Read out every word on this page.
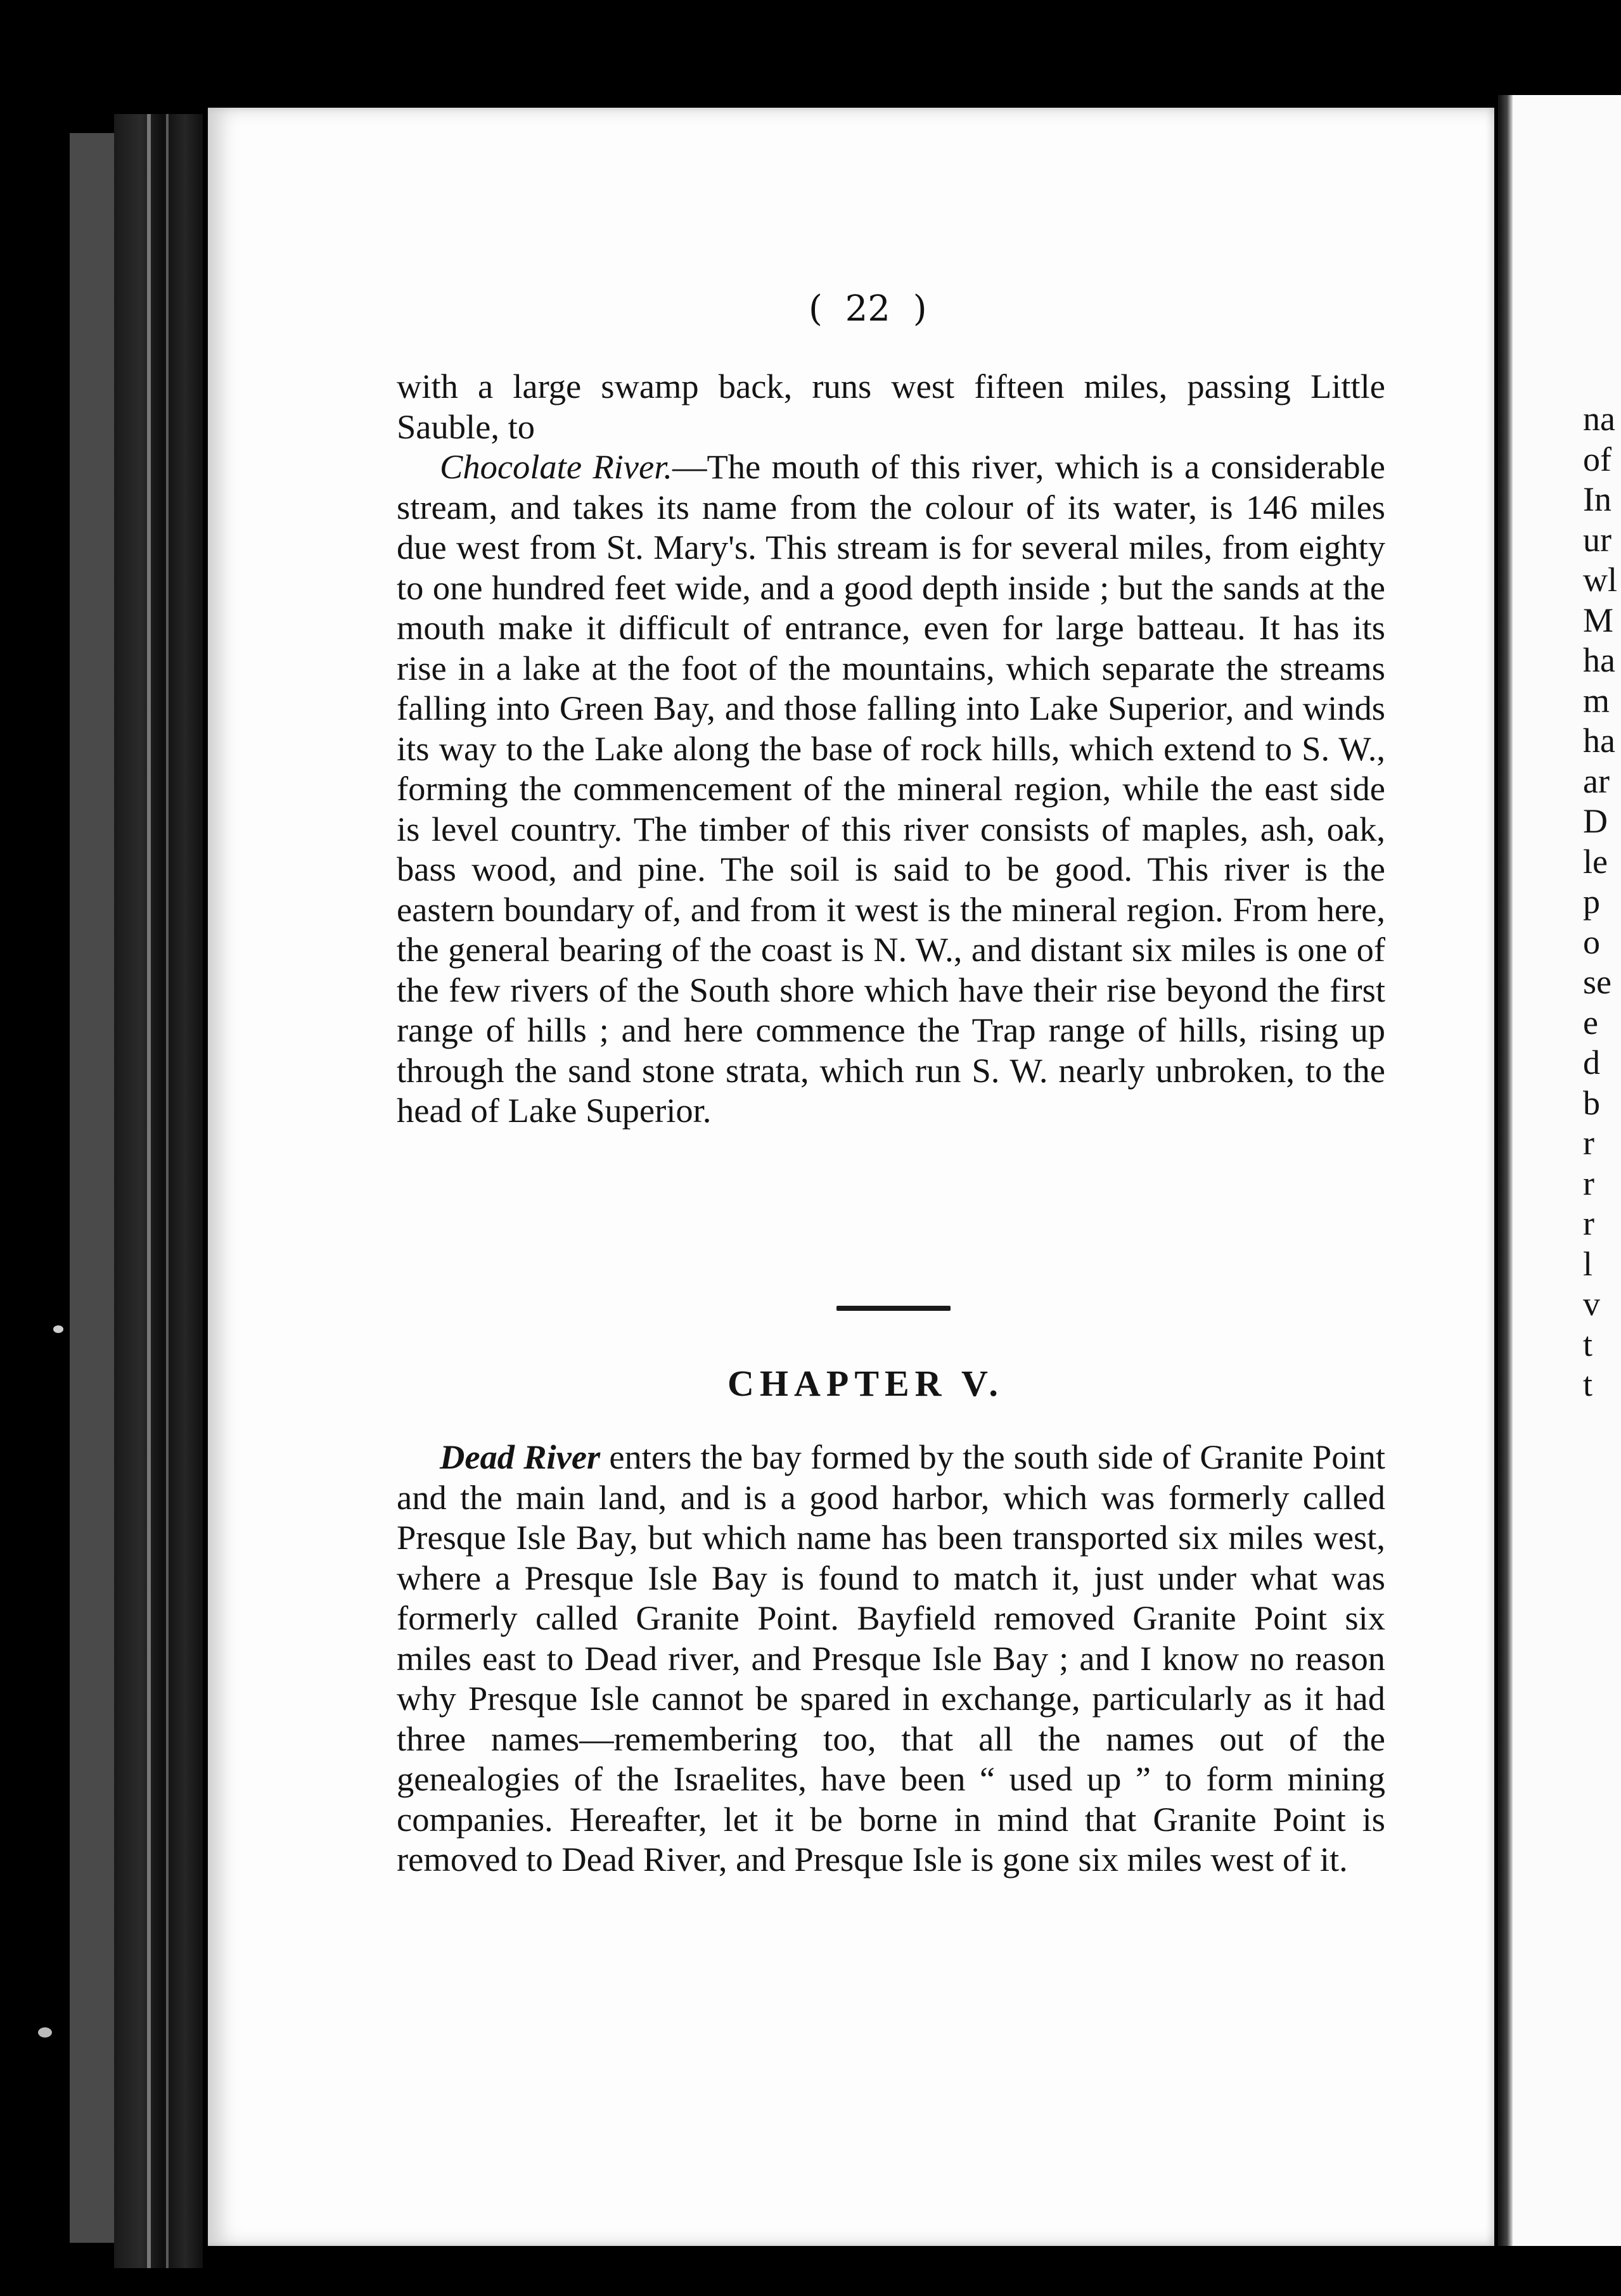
( 22 )

with a large swamp back, runs west fifteen miles, passing Little Sauble, to

Chocolate River.—The mouth of this river, which is a considerable stream, and takes its name from the colour of its water, is 146 miles due west from St. Mary's. This stream is for several miles, from eighty to one hundred feet wide, and a good depth inside ; but the sands at the mouth make it difficult of entrance, even for large batteau. It has its rise in a lake at the foot of the mountains, which separate the streams falling into Green Bay, and those falling into Lake Superior, and winds its way to the Lake along the base of rock hills, which extend to S. W., forming the commencement of the mineral region, while the east side is level country. The timber of this river consists of maples, ash, oak, bass wood, and pine. The soil is said to be good. This river is the eastern boundary of, and from it west is the mineral region. From here, the general bearing of the coast is N. W., and distant six miles is one of the few rivers of the South shore which have their rise beyond the first range of hills ; and here commence the Trap range of hills, rising up through the sand stone strata, which run S. W. nearly unbroken, to the head of Lake Superior.

CHAPTER V.

Dead River enters the bay formed by the south side of Granite Point and the main land, and is a good harbor, which was formerly called Presque Isle Bay, but which name has been transported six miles west, where a Presque Isle Bay is found to match it, just under what was formerly called Granite Point. Bayfield removed Granite Point six miles east to Dead river, and Presque Isle Bay ; and I know no reason why Presque Isle cannot be spared in exchange, particularly as it had three names—remembering too, that all the names out of the genealogies of the Israelites, have been “ used up ” to form mining companies. Hereafter, let it be borne in mind that Granite Point is removed to Dead River, and Presque Isle is gone six miles west of it.

na
of
In
ur
wl
M
ha
m
ha
ar
D
le
p
o
se
e
d
b
r
r
r
l
v
t
t
